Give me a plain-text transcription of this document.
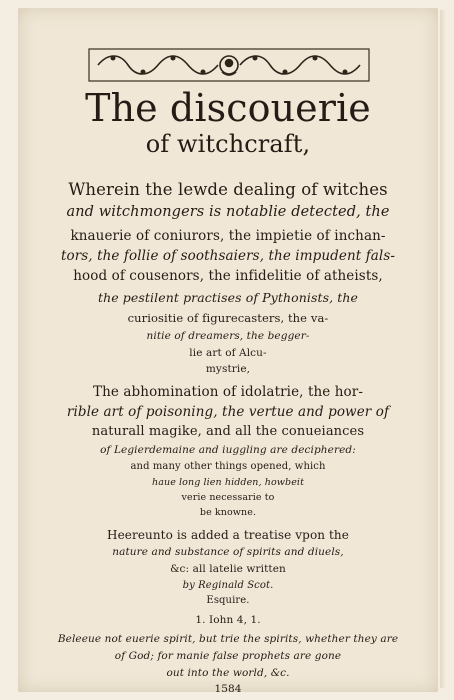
The discouerie
of witchcraft,
Wherein the lewde dealing of witches
and witchmongers is notablie detected, the
knauerie of coniurors, the impietie of inchan-
tors, the follie of soothsaiers, the impudent fals-
hood of cousenors, the infidelitie of atheists,
the pestilent practises of Pythonists, the
curiositie of figurecasters, the va-
nitie of dreamers, the begger-
lie art of Alcu-
mystrie,
The abhomination of idolatrie, the hor-
rible art of poisoning, the vertue and power of
naturall magike, and all the conueiances
of Legierdemaine and iuggling are deciphered:
and many other things opened, which
haue long lien hidden, howbeit
verie necessarie to
be knowne.
Heereunto is added a treatise vpon the
nature and substance of spirits and diuels,
&c: all latelie written
by Reginald Scot.
Esquire.
1. Iohn 4, 1.
Beleeue not euerie spirit, but trie the spirits, whether they are
of God; for manie false prophets are gone
out into the world, &c.
1584
